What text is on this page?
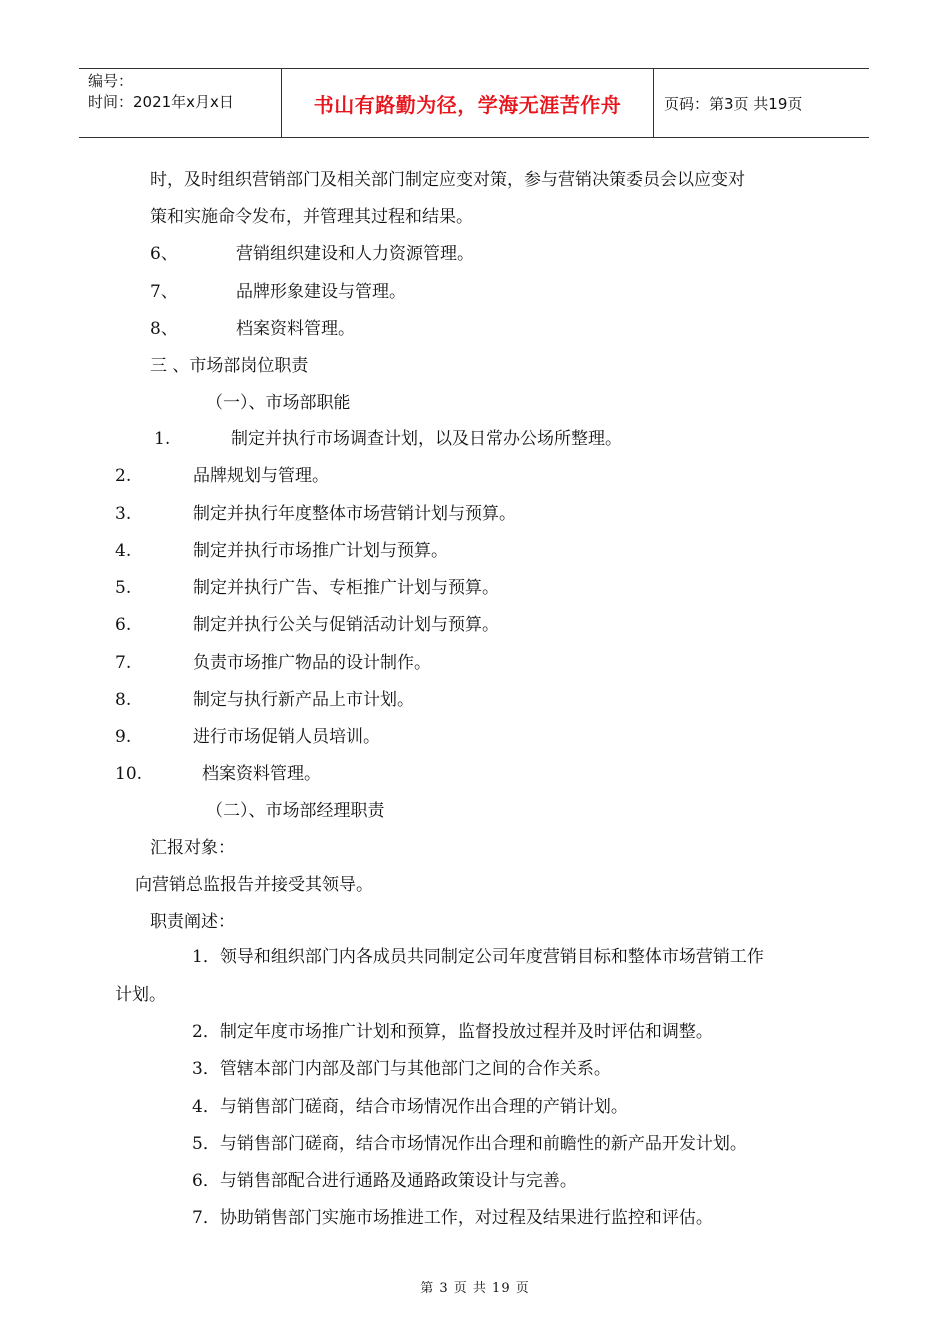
编号：
时间：2021年x月x日	书山有路勤为径，学海无涯苦作舟	页码：第3页 共19页
时，及时组织营销部门及相关部门制定应变对策，参与营销决策委员会以应变对
策和实施命令发布，并管理其过程和结果。
6、	营销组织建设和人力资源管理。
7、	品牌形象建设与管理。
8、	档案资料管理。
三 、市场部岗位职责
（一）、市场部职能
1.	制定并执行市场调查计划，以及日常办公场所整理。
2.	品牌规划与管理。
3.	制定并执行年度整体市场营销计划与预算。
4.	制定并执行市场推广计划与预算。
5.	制定并执行广告、专柜推广计划与预算。
6.	制定并执行公关与促销活动计划与预算。
7.	负责市场推广物品的设计制作。
8.	制定与执行新产品上市计划。
9.	进行市场促销人员培训。
10.	档案资料管理。
（二）、市场部经理职责
汇报对象：
向营销总监报告并接受其领导。
职责阐述：
1．领导和组织部门内各成员共同制定公司年度营销目标和整体市场营销工作
计划。
2．制定年度市场推广计划和预算，监督投放过程并及时评估和调整。
3．管辖本部门内部及部门与其他部门之间的合作关系。
4．与销售部门磋商，结合市场情况作出合理的产销计划。
5．与销售部门磋商，结合市场情况作出合理和前瞻性的新产品开发计划。
6．与销售部配合进行通路及通路政策设计与完善。
7．协助销售部门实施市场推进工作，对过程及结果进行监控和评估。
第 3 页 共 19 页
